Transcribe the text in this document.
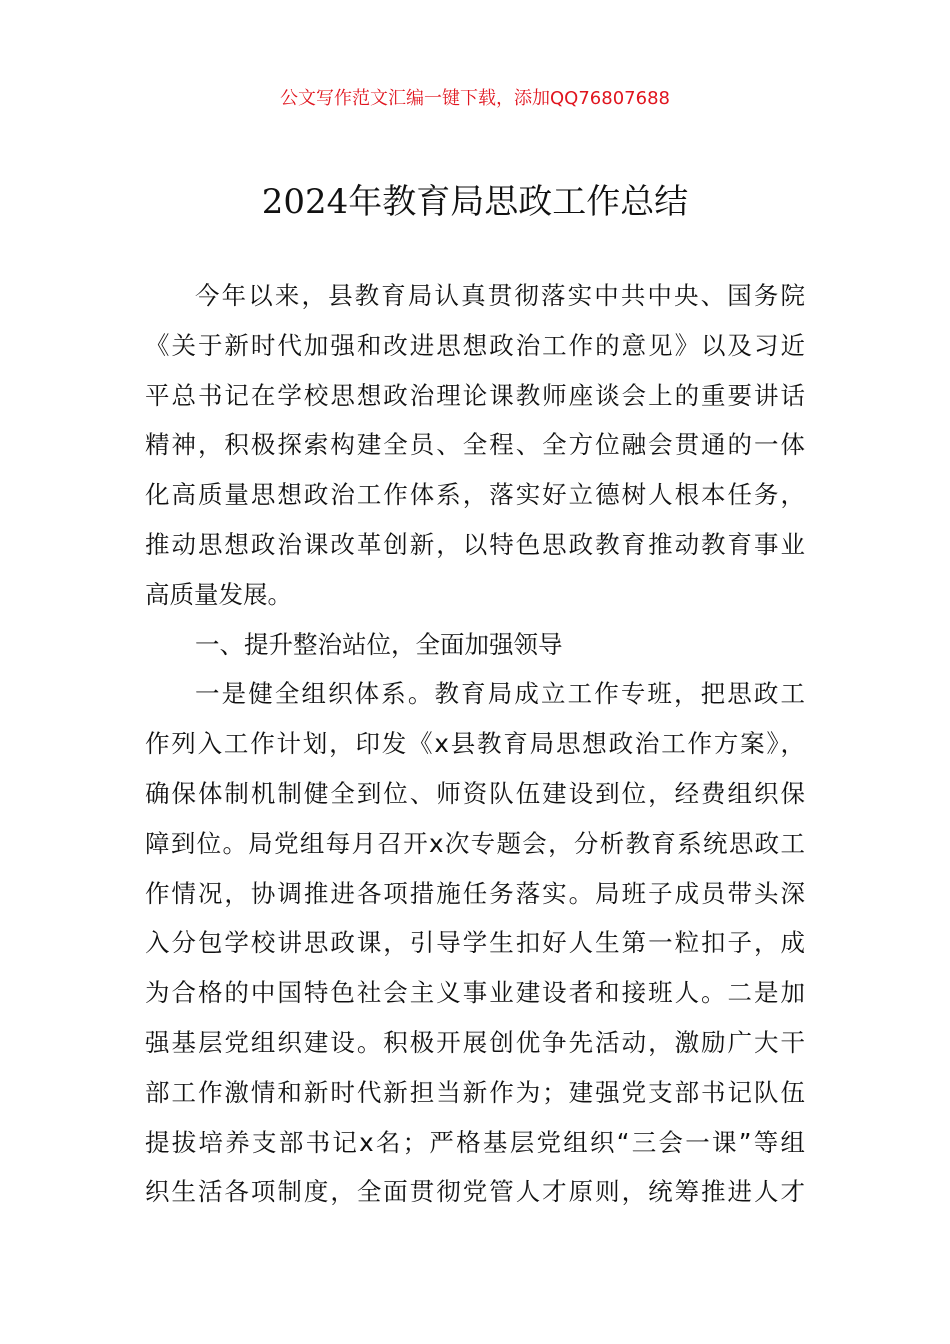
公文写作范文汇编一键下载，添加QQ76807688
2024年教育局思政工作总结
今年以来，县教育局认真贯彻落实中共中央、国务院
《关于新时代加强和改进思想政治工作的意见》以及习近
平总书记在学校思想政治理论课教师座谈会上的重要讲话
精神，积极探索构建全员、全程、全方位融会贯通的一体
化高质量思想政治工作体系，落实好立德树人根本任务，
推动思想政治课改革创新，以特色思政教育推动教育事业
高质量发展。
一、提升整治站位，全面加强领导
一是健全组织体系。教育局成立工作专班，把思政工
作列入工作计划，印发《x县教育局思想政治工作方案》，
确保体制机制健全到位、师资队伍建设到位，经费组织保
障到位。局党组每月召开x次专题会，分析教育系统思政工
作情况，协调推进各项措施任务落实。局班子成员带头深
入分包学校讲思政课，引导学生扣好人生第一粒扣子，成
为合格的中国特色社会主义事业建设者和接班人。二是加
强基层党组织建设。积极开展创优争先活动，激励广大干
部工作激情和新时代新担当新作为；建强党支部书记队伍
提拔培养支部书记x名；严格基层党组织“三会一课”等组
织生活各项制度，全面贯彻党管人才原则，统筹推进人才
